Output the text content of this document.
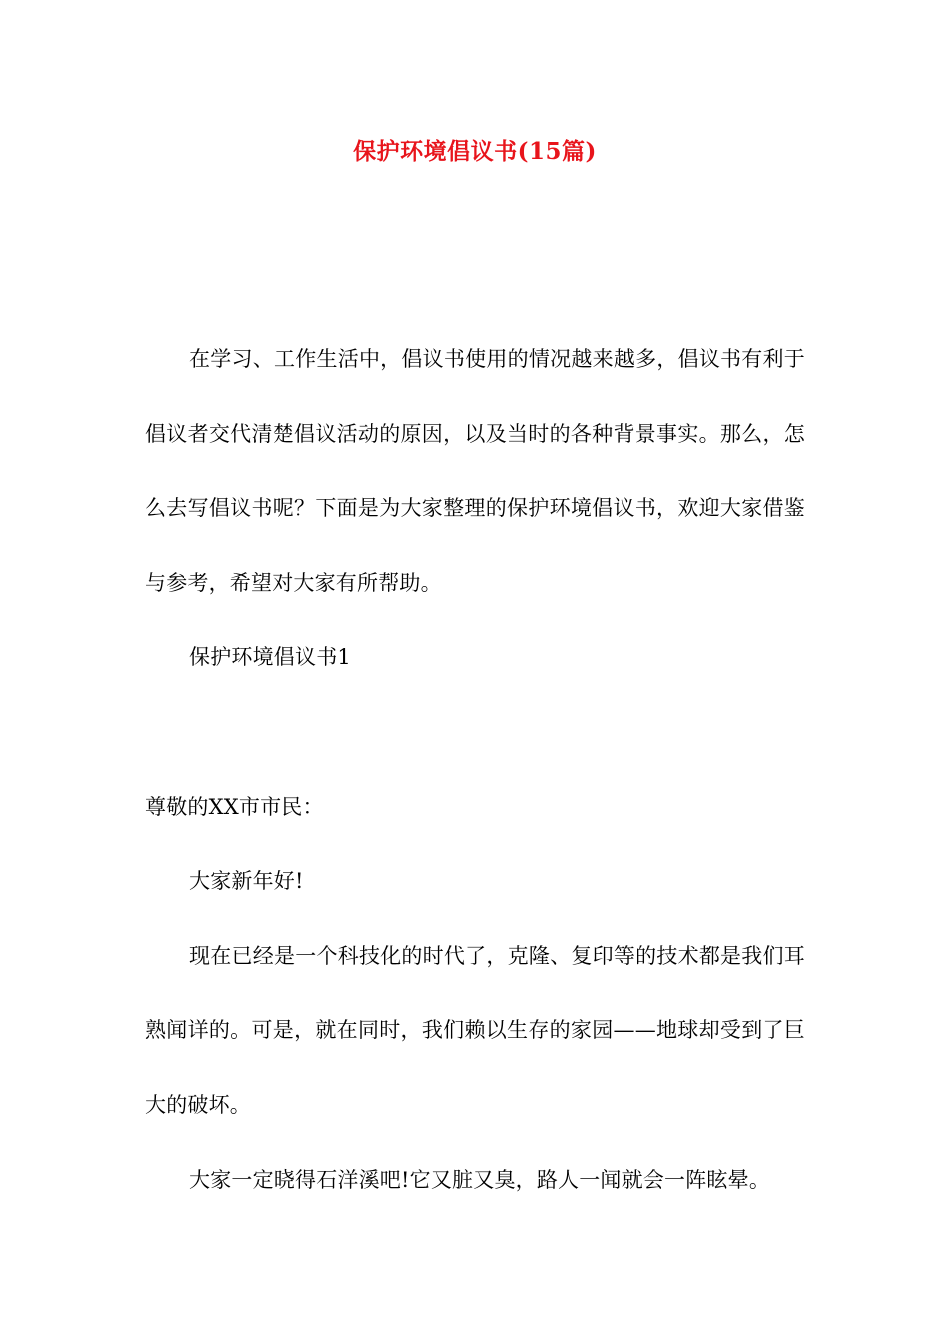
保护环境倡议书(15篇)

在学习、工作生活中，倡议书使用的情况越来越多，倡议书有利于倡议者交代清楚倡议活动的原因，以及当时的各种背景事实。那么，怎么去写倡议书呢？下面是为大家整理的保护环境倡议书，欢迎大家借鉴与参考，希望对大家有所帮助。

保护环境倡议书1

尊敬的XX市市民：

大家新年好!

现在已经是一个科技化的时代了，克隆、复印等的技术都是我们耳熟闻详的。可是，就在同时，我们赖以生存的家园——地球却受到了巨大的破坏。

大家一定晓得石洋溪吧!它又脏又臭，路人一闻就会一阵眩晕。
